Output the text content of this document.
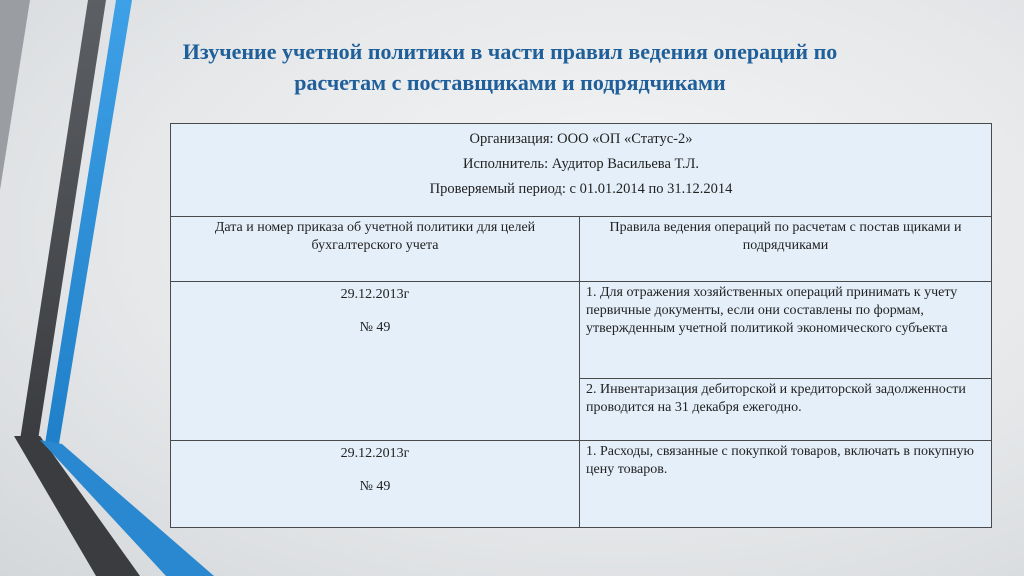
Изучение учетной политики в части правил ведения операций по
расчетам с поставщиками и подрядчиками
Организация: ООО «ОП «Статус-2»
Исполнитель: Аудитор Васильева Т.Л.
Проверяемый период: с 01.01.2014 по 31.12.2014	

Дата и номер приказа об учетной политики для целей бухгалтерского учета	Правила ведения операций по расчетам с постав щиками и подрядчиками

29.12.2013г
№ 49	1. Для отражения хозяйственных операций принимать к учету первичные документы, если они составлены по формам, утвержденным учетной политикой экономического субъекта
	2. Инвентаризация дебиторской и кредиторской задолженности проводится на 31 декабря ежегодно.

29.12.2013г
№ 49	1. Расходы, связанные с покупкой товаров, включать в покупную цену товаров.
